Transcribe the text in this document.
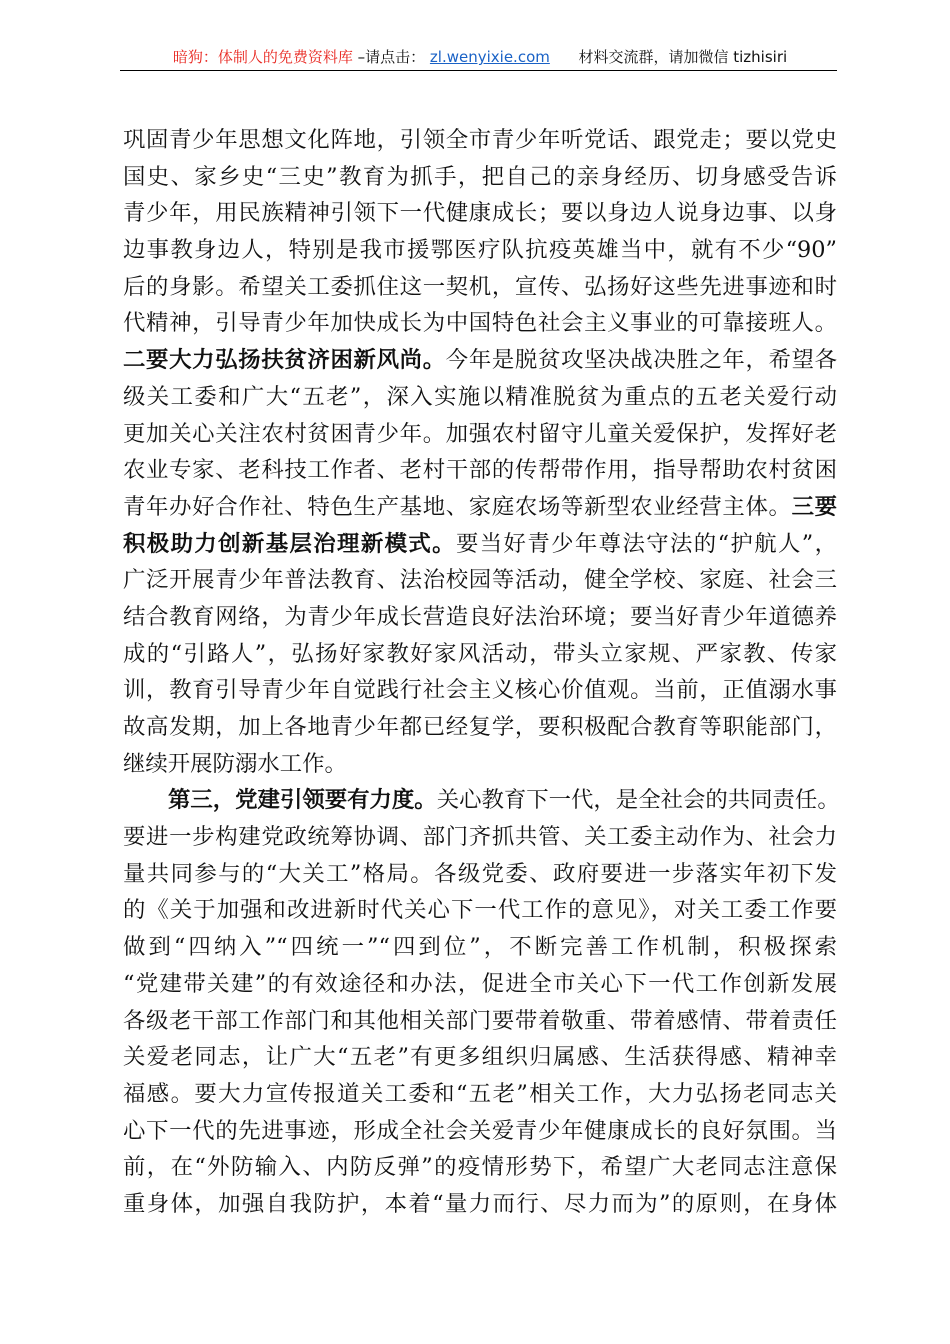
暗狗：体制人的免费资料库 –请点击： zl.wenyixie.com 材料交流群，请加微信 tizhisiri
巩固青少年思想文化阵地，引领全市青少年听党话、跟党走；要以党史
国史、家乡史“三史”教育为抓手，把自己的亲身经历、切身感受告诉
青少年，用民族精神引领下一代健康成长；要以身边人说身边事、以身
边事教身边人，特别是我市援鄂医疗队抗疫英雄当中，就有不少“90”
后的身影。希望关工委抓住这一契机，宣传、弘扬好这些先进事迹和时
代精神，引导青少年加快成长为中国特色社会主义事业的可靠接班人。
二要大力弘扬扶贫济困新风尚。今年是脱贫攻坚决战决胜之年，希望各
级关工委和广大“五老”，深入实施以精准脱贫为重点的五老关爱行动
更加关心关注农村贫困青少年。加强农村留守儿童关爱保护，发挥好老
农业专家、老科技工作者、老村干部的传帮带作用，指导帮助农村贫困
青年办好合作社、特色生产基地、家庭农场等新型农业经营主体。三要
积极助力创新基层治理新模式。要当好青少年尊法守法的“护航人”，
广泛开展青少年普法教育、法治校园等活动，健全学校、家庭、社会三
结合教育网络，为青少年成长营造良好法治环境；要当好青少年道德养
成的“引路人”，弘扬好家教好家风活动，带头立家规、严家教、传家
训，教育引导青少年自觉践行社会主义核心价值观。当前，正值溺水事
故高发期，加上各地青少年都已经复学，要积极配合教育等职能部门，
继续开展防溺水工作。
第三，党建引领要有力度。关心教育下一代，是全社会的共同责任。
要进一步构建党政统筹协调、部门齐抓共管、关工委主动作为、社会力
量共同参与的“大关工”格局。各级党委、政府要进一步落实年初下发
的《关于加强和改进新时代关心下一代工作的意见》，对关工委工作要
做到“四纳入”“四统一”“四到位”，不断完善工作机制，积极探索
“党建带关建”的有效途径和办法，促进全市关心下一代工作创新发展
各级老干部工作部门和其他相关部门要带着敬重、带着感情、带着责任
关爱老同志，让广大“五老”有更多组织归属感、生活获得感、精神幸
福感。要大力宣传报道关工委和“五老”相关工作，大力弘扬老同志关
心下一代的先进事迹，形成全社会关爱青少年健康成长的良好氛围。当
前，在“外防输入、内防反弹”的疫情形势下，希望广大老同志注意保
重身体，加强自我防护，本着“量力而行、尽力而为”的原则，在身体
